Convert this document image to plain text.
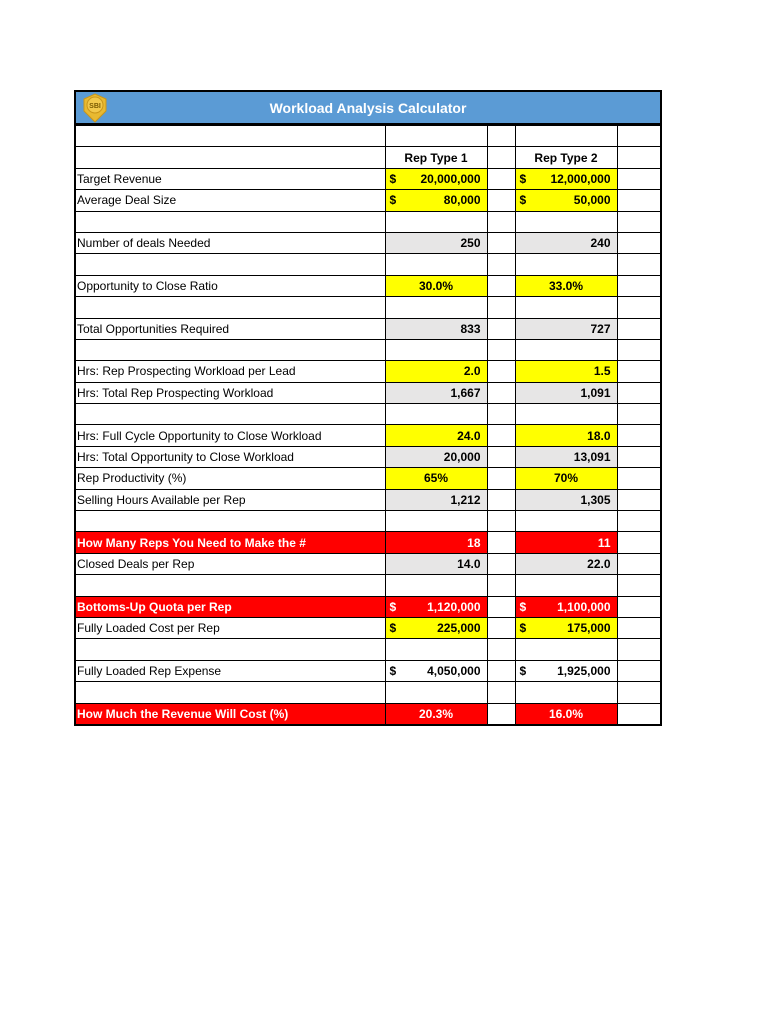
SBI	Workload Analysis Calculator

	Rep Type 1		Rep Type 2	
Target Revenue	$ 20,000,000		$ 12,000,000	

Average Deal Size	$ 80,000		$ 50,000	

Number of deals Needed	250		240	

Opportunity to Close Ratio	30.0%		33.0%	

Total Opportunities Required	833		727	

Hrs: Rep Prospecting Workload per Lead	2.0		1.5	
Hrs: Total Rep Prospecting Workload	1,667		1,091	

Hrs: Full Cycle Opportunity to Close Workload	24.0		18.0	
Hrs: Total Opportunity to Close Workload	20,000		13,091	
Rep Productivity (%)	65%		70%	
Selling Hours Available per Rep	1,212		1,305	

How Many Reps You Need to Make the #	18		11	
Closed Deals per Rep	14.0		22.0	

Bottoms-Up Quota per Rep	$ 1,120,000		$ 1,100,000	

Fully Loaded Cost per Rep	$ 225,000		$ 175,000	

Fully Loaded Rep Expense	$ 4,050,000		$ 1,925,000	

How Much the Revenue Will Cost (%)	20.3%		16.0%	
